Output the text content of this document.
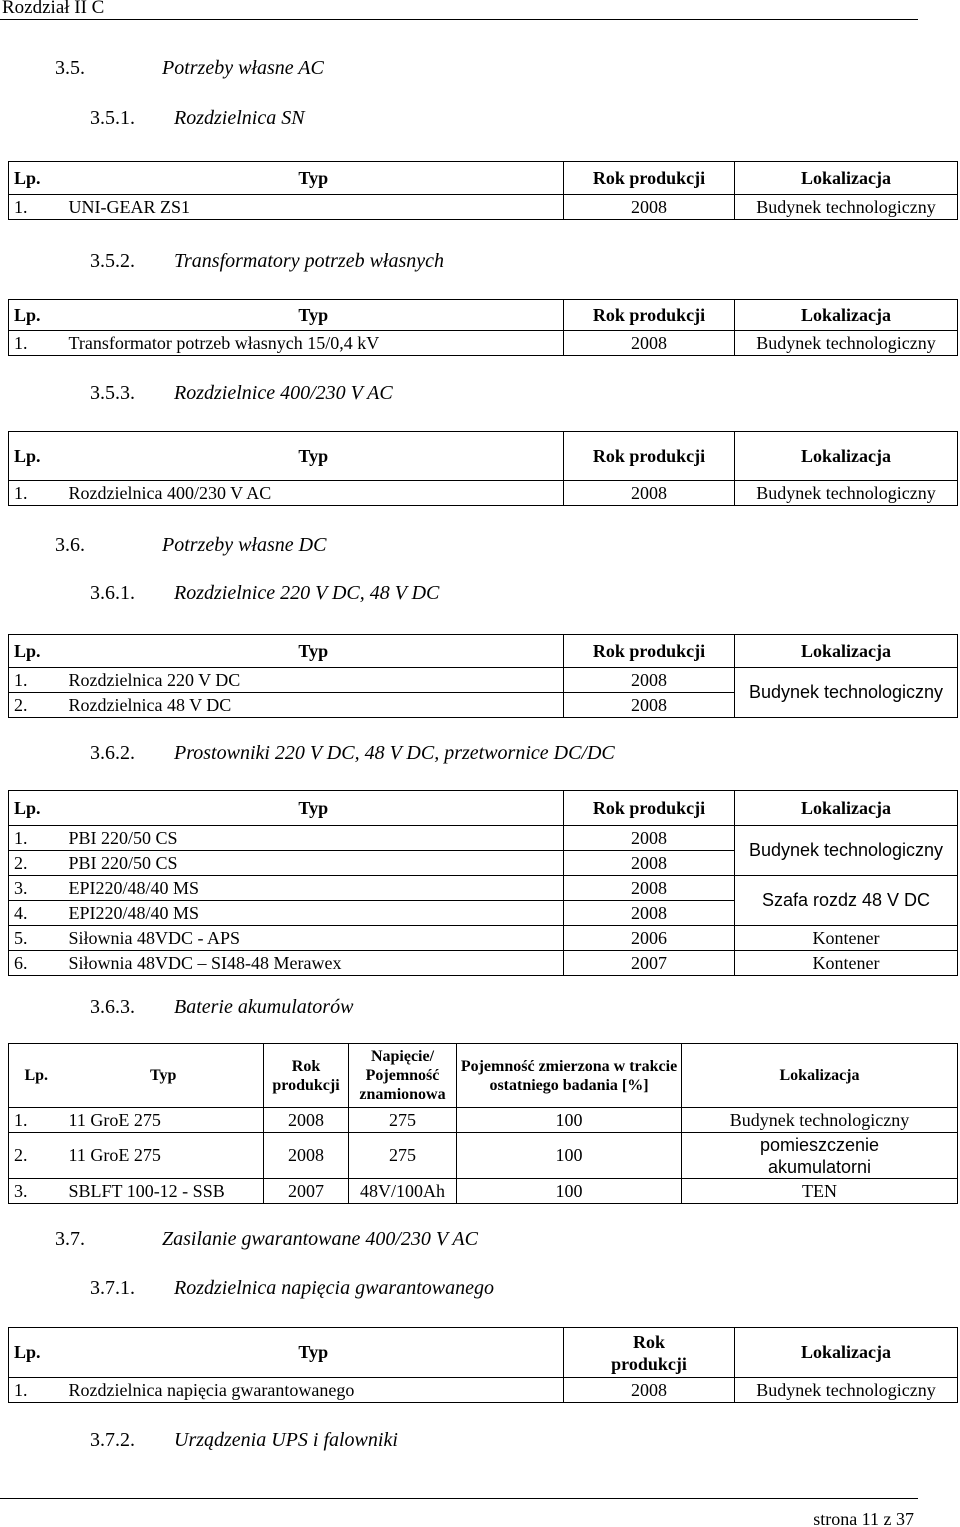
Rozdział II C
3.5.	Potrzeby własne AC
3.5.1. Rozdzielnica SN
Lp.	Typ	Rok produkcji	Lokalizacja
1.	UNI-GEAR ZS1	2008	Budynek technologiczny
3.5.2. Transformatory potrzeb własnych
Lp.	Typ	Rok produkcji	Lokalizacja
1.	Transformator potrzeb własnych 15/0,4 kV	2008	Budynek technologiczny
3.5.3. Rozdzielnice 400/230 V AC
Lp.	Typ	Rok produkcji	Lokalizacja
1.	Rozdzielnica 400/230 V AC	2008	Budynek technologiczny
3.6.	Potrzeby własne DC
3.6.1. Rozdzielnice 220 V DC, 48 V DC
Lp.	Typ	Rok produkcji	Lokalizacja
1.	Rozdzielnica 220 V DC	2008	Budynek technologiczny
2.	Rozdzielnica 48 V DC	2008	
3.6.2. Prostowniki 220 V DC, 48 V DC, przetwornice DC/DC
Lp.	Typ	Rok produkcji	Lokalizacja
1.	PBI 220/50 CS	2008	Budynek technologiczny
2.	PBI 220/50 CS	2008	
3.	EPI220/48/40 MS	2008	Szafa rozdz 48 V DC
4.	EPI220/48/40 MS	2008	
5.	Siłownia 48VDC - APS	2006	Kontener
6.	Siłownia 48VDC – SI48-48 Merawex	2007	Kontener
3.6.3. Baterie akumulatorów
Lp.	Typ	Rok produkcji	Napięcie/ Pojemność znamionowa	Pojemność zmierzona w trakcie ostatniego badania [%]	Lokalizacja
1.	11 GroE 275	2008	275	100	Budynek technologiczny
2.	11 GroE 275	2008	275	100	pomieszczenie akumulatorni
3.	SBLFT 100-12 - SSB	2007	48V/100Ah	100	TEN
3.7.	Zasilanie gwarantowane 400/230 V AC
3.7.1. Rozdzielnica napięcia gwarantowanego
Lp.	Typ	Rok produkcji	Lokalizacja
1.	Rozdzielnica napięcia gwarantowanego	2008	Budynek technologiczny
3.7.2. Urządzenia UPS i falowniki
strona 11 z 37
